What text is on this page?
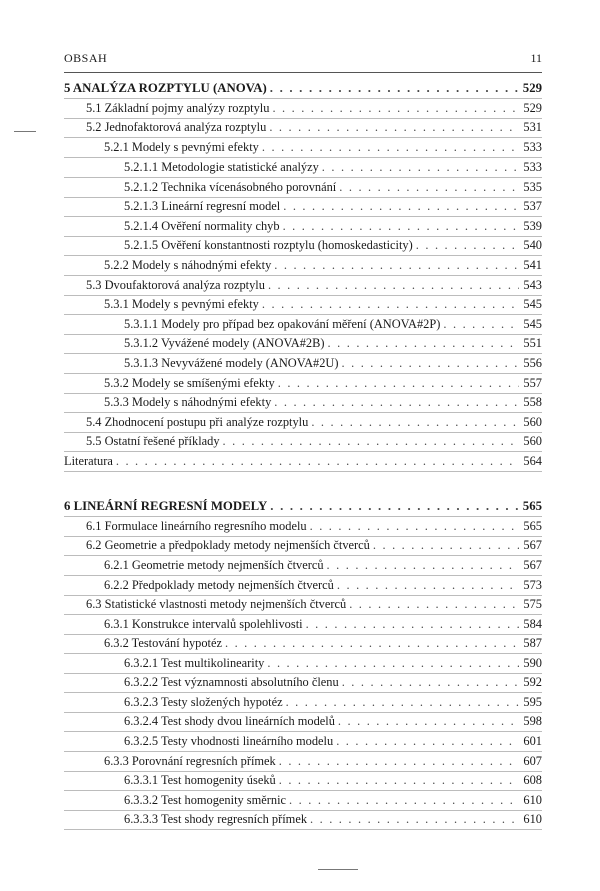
OBSAH	11
5 ANALÝZA ROZPTYLU (ANOVA) . . .	529
5.1 Základní pojmy analýzy rozptylu . . .	529
5.2 Jednofaktorová analýza rozptylu . . .	531
5.2.1 Modely s pevnými efekty . . .	533
5.2.1.1 Metodologie statistické analýzy . . .	533
5.2.1.2 Technika vícenásobného porovnání . . .	535
5.2.1.3 Lineární regresní model . . .	537
5.2.1.4 Ověření normality chyb . . .	539
5.2.1.5 Ověření konstantnosti rozptylu (homoskedasticity) . . .	540
5.2.2 Modely s náhodnými efekty . . .	541
5.3 Dvoufaktorová analýza rozptylu . . .	543
5.3.1 Modely s pevnými efekty . . .	545
5.3.1.1 Modely pro případ bez opakování měření (ANOVA#2P) . . .	545
5.3.1.2 Vyvážené modely (ANOVA#2B) . . .	551
5.3.1.3 Nevyvážené modely (ANOVA#2U) . . .	556
5.3.2 Modely se smíšenými efekty . . .	557
5.3.3 Modely s náhodnými efekty . . .	558
5.4 Zhodnocení postupu při analýze rozptylu . . .	560
5.5 Ostatní řešené příklady . . .	560
Literatura . . .	564
6 LINEÁRNÍ REGRESNÍ MODELY . . .	565
6.1 Formulace lineárního regresního modelu . . .	565
6.2 Geometrie a předpoklady metody nejmenších čtverců . . .	567
6.2.1 Geometrie metody nejmenších čtverců . . .	567
6.2.2 Předpoklady metody nejmenších čtverců . . .	573
6.3 Statistické vlastnosti metody nejmenších čtverců . . .	575
6.3.1 Konstrukce intervalů spolehlivosti . . .	584
6.3.2 Testování hypotéz . . .	587
6.3.2.1 Test multikolinearity . . .	590
6.3.2.2 Test významnosti absolutního členu . . .	592
6.3.2.3 Testy složených hypotéz . . .	595
6.3.2.4 Test shody dvou lineárních modelů . . .	598
6.3.2.5 Testy vhodnosti lineárního modelu . . .	601
6.3.3 Porovnání regresních přímek . . .	607
6.3.3.1 Test homogenity úseků . . .	608
6.3.3.2 Test homogenity směrnic . . .	610
6.3.3.3 Test shody regresních přímek . . .	610
